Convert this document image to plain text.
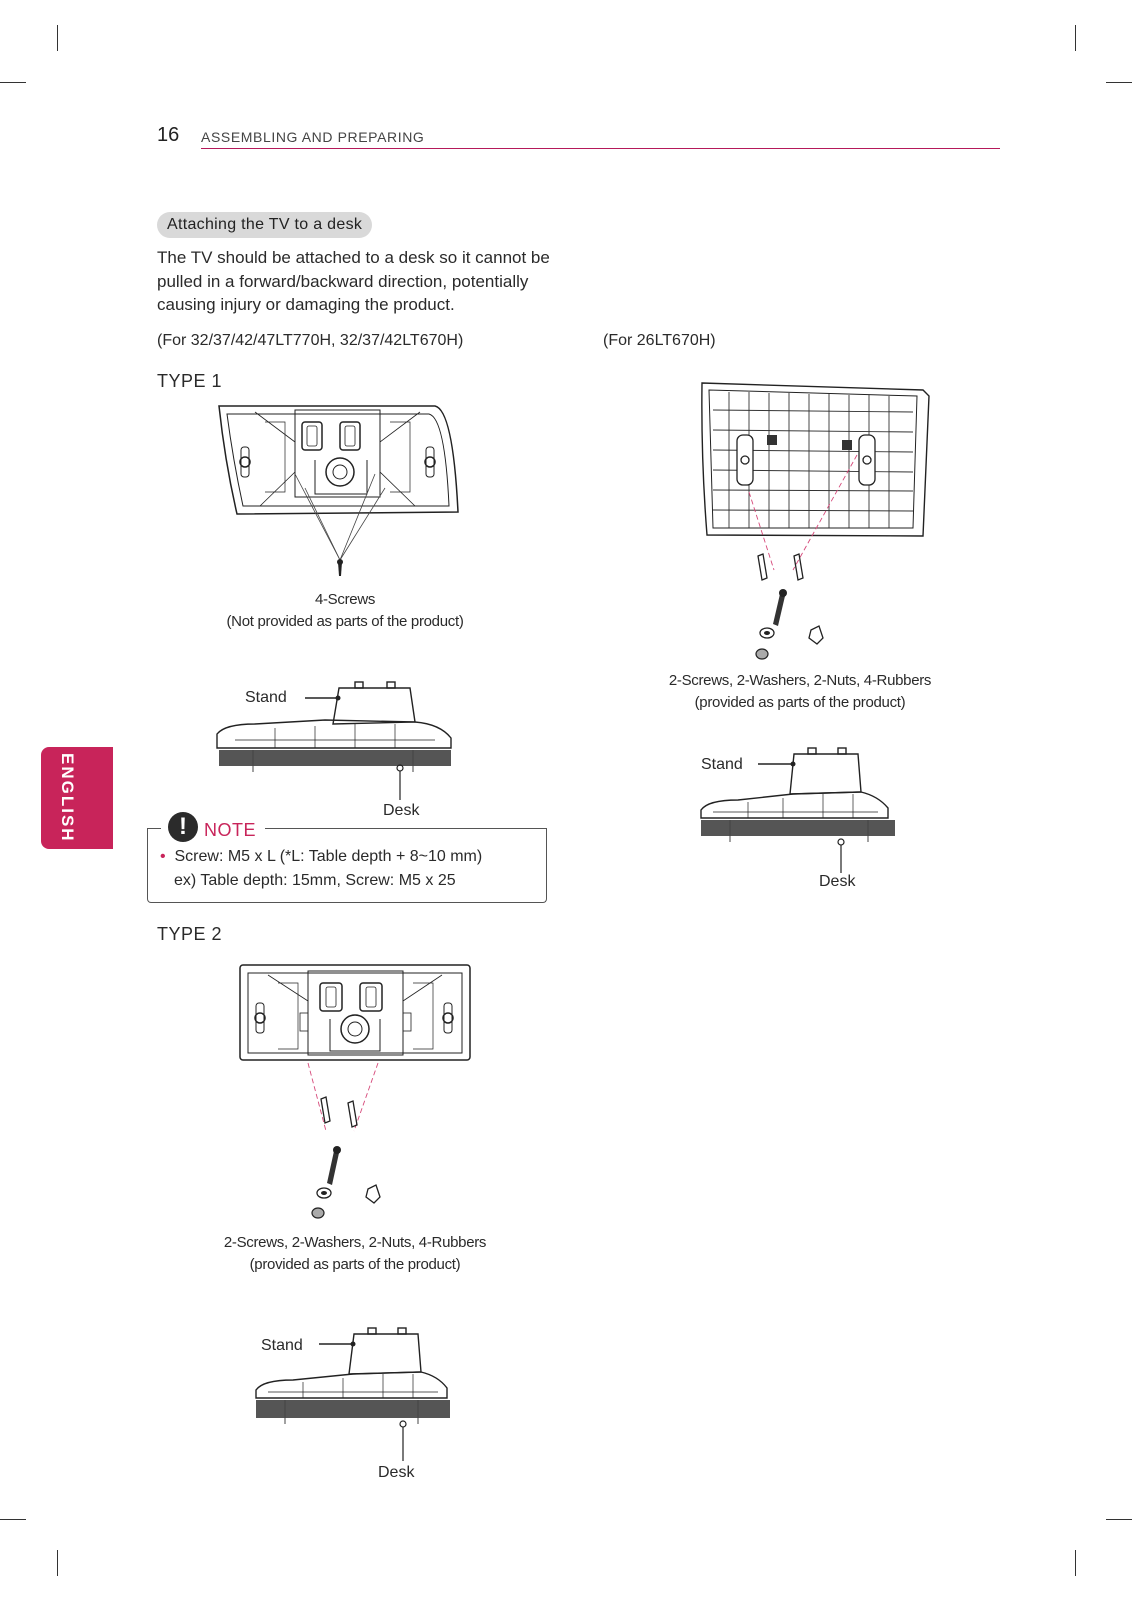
16 ASSEMBLING AND PREPARING
Attaching the TV to a desk
The TV should be attached to a desk so it cannot be pulled in a forward/backward direction, potentially causing injury or damaging the product.
(For 32/37/42/47LT770H, 32/37/42LT670H)	(For 26LT670H)
TYPE 1
4-Screws
(Not provided as parts of the product)
Stand
Desk
! NOTE
• Screw: M5 x L (*L: Table depth + 8~10 mm)
ex) Table depth: 15mm, Screw: M5 x 25
TYPE 2
2-Screws, 2-Washers, 2-Nuts, 4-Rubbers
(provided as parts of the product)
Stand
Desk
2-Screws, 2-Washers, 2-Nuts, 4-Rubbers
(provided as parts of the product)
Stand
Desk
ENGLISH
